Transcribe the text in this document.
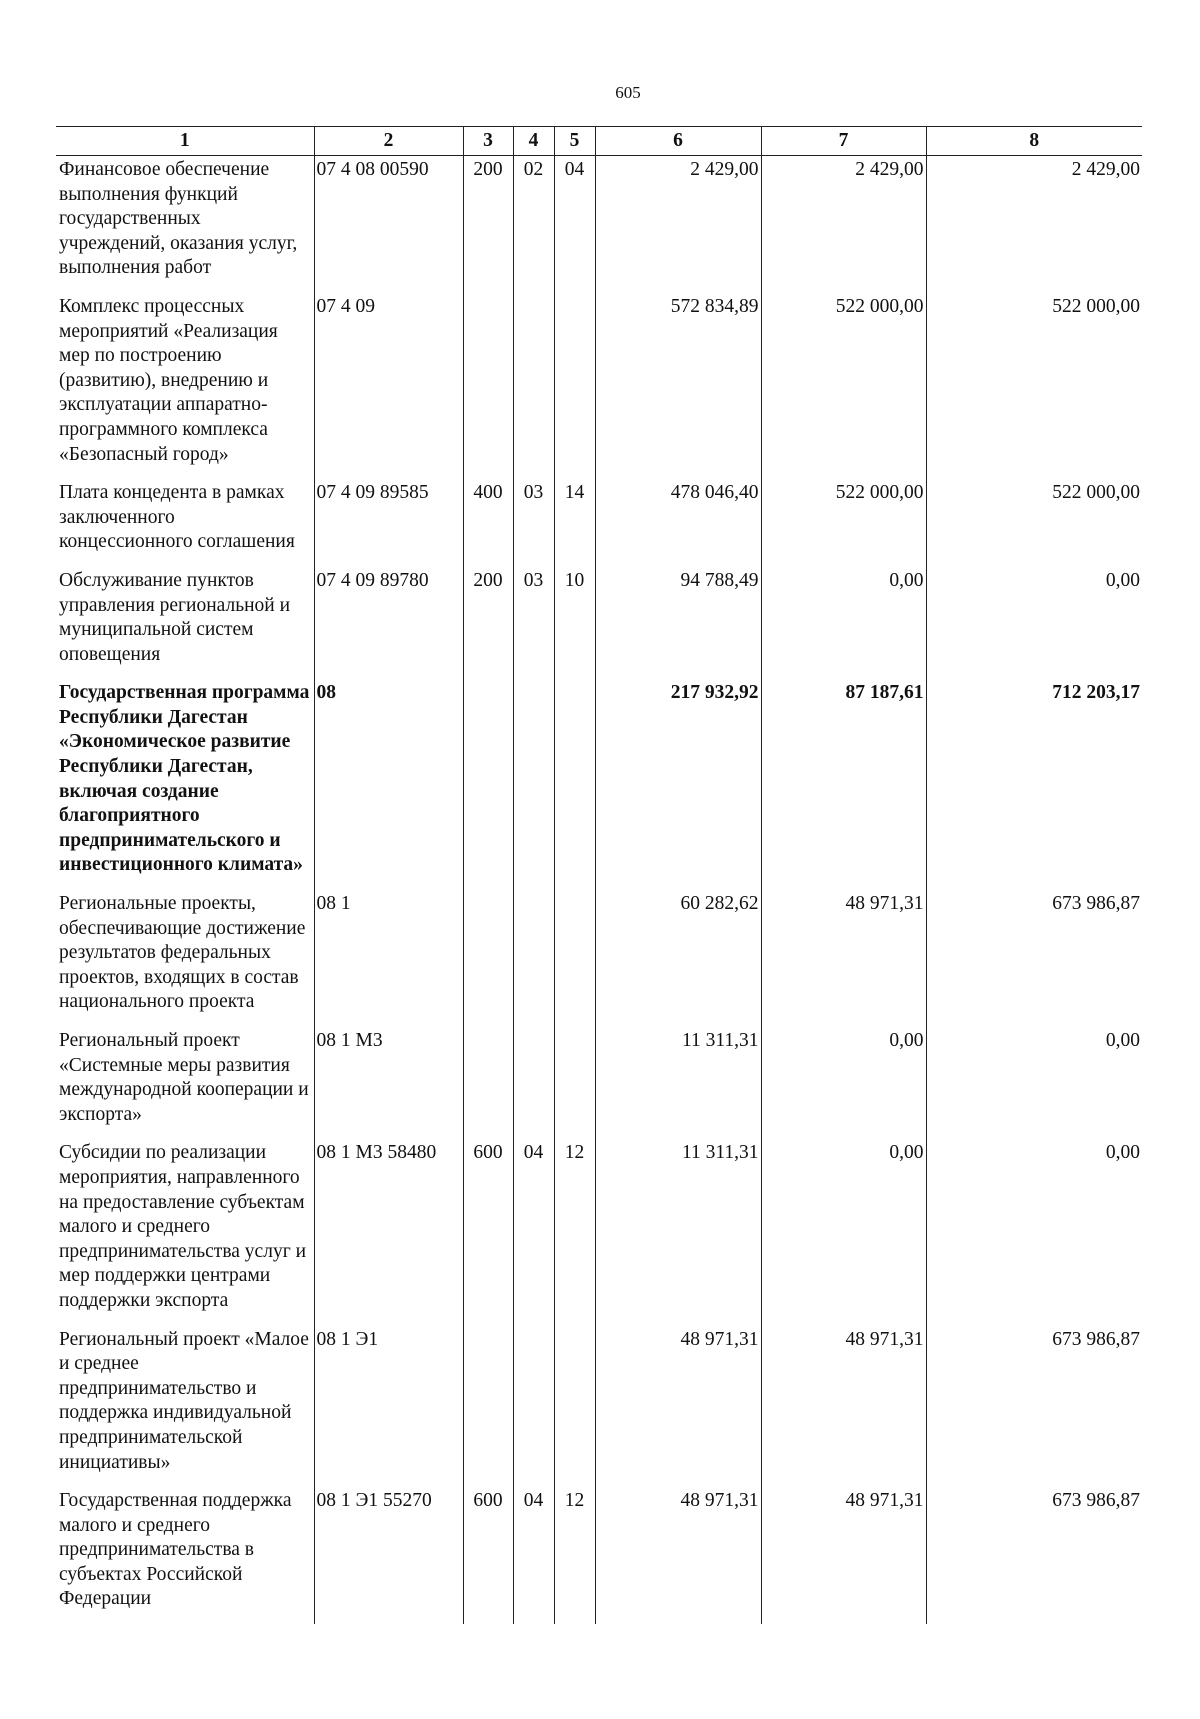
605
1	2	3	4	5	6	7	8
Финансовое обеспечение выполнения функций государственных учреждений, оказания услуг, выполнения работ	07 4 08 00590	200	02	04	2 429,00	2 429,00	2 429,00
Комплекс процессных мероприятий «Реализация мер по построению (развитию), внедрению и эксплуатации аппаратно-программного комплекса «Безопасный город»	07 4 09				572 834,89	522 000,00	522 000,00
Плата концедента в рамках заключенного концессионного соглашения	07 4 09 89585	400	03	14	478 046,40	522 000,00	522 000,00
Обслуживание пунктов управления региональной и муниципальной систем оповещения	07 4 09 89780	200	03	10	94 788,49	0,00	0,00
Государственная программа Республики Дагестан «Экономическое развитие Республики Дагестан, включая создание благоприятного предпринимательского и инвестиционного климата»	08				217 932,92	87 187,61	712 203,17
Региональные проекты, обеспечивающие достижение результатов федеральных проектов, входящих в состав национального проекта	08 1				60 282,62	48 971,31	673 986,87
Региональный проект «Системные меры развития международной кооперации и экспорта»	08 1 М3				11 311,31	0,00	0,00
Субсидии по реализации мероприятия, направленного на предоставление субъектам малого и среднего предпринимательства услуг и мер поддержки центрами поддержки экспорта	08 1 М3 58480	600	04	12	11 311,31	0,00	0,00
Региональный проект «Малое и среднее предпринимательство и поддержка индивидуальной предпринимательской инициативы»	08 1 Э1				48 971,31	48 971,31	673 986,87
Государственная поддержка малого и среднего предпринимательства в субъектах Российской Федерации	08 1 Э1 55270	600	04	12	48 971,31	48 971,31	673 986,87
